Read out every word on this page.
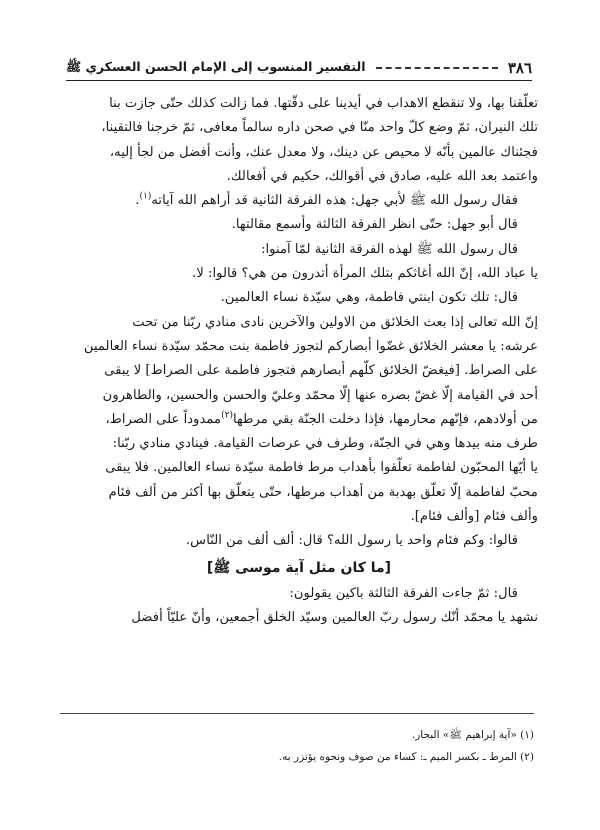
٣٨٦
التفسير المنسوب إلى الإمام الحسن العسكري ﷺ

تعلّقنا بها، ولا تنقطع الاهداب في أيدينا على دقّتها. فما زالت كذلك حتّى جازت بنا

تلك النيران، ثمّ وضع كلّ واحد منّا في صحن داره سالماً معافى، ثمّ خرجنا فالتقينا،

فجئناك عالمين بأنّه لا محيص عن دينك، ولا معدل عنك، وأنت أفضل من لجأ إليه،

واعتمد بعد الله عليه، صادق في أقوالك، حكيم في أفعالك.

فقال رسول الله ﷺ لأبي جهل: هذه الفرقة الثانية قد أراهم الله آياته$^{(١)}$.

قال أبو جهل: حتّى انظر الفرقة الثالثة وأسمع مقالتها.

قال رسول الله ﷺ لهذه الفرقة الثانية لمّا آمنوا:

يا عباد الله، إنّ الله أغاثكم بتلك المرأة أتدرون من هي؟ قالوا: لا.

قال: تلك تكون ابنتي فاطمة، وهي سيّدة نساء العالمين.

إنّ الله تعالى إذا بعث الخلائق من الاولين والآخرين نادى منادي ربّنا من تحت

عرشه: يا معشر الخلائق غضّوا أبصاركم لتجوز فاطمة بنت محمّد سيّدة نساء العالمين

على الصراط. [فيغضّ الخلائق كلّهم أبصارهم فتجوز فاطمة على الصراط] لا يبقى

أحد في القيامة إلّا غضّ بصره عنها إلّا محمّد وعليّ والحسن والحسين، والطاهرون

من أولادهم، فإنّهم محارمها، فإذا دخلت الجنّة بقي مرطها$^{(٢)}$ممدوداً على الصراط،

طرف منه بيدها وهي في الجنّة، وطرف في عرصات القيامة. فينادي منادي ربّنا:

يا أيّها المحبّون لفاطمة تعلّقوا بأهداب مرط فاطمة سيّدة نساء العالمين. فلا يبقى

محبّ لفاطمة إلّا تعلّق بهدبة من أهداب مرطها، حتّى يتعلّق بها أكثر من ألف فئام

وألف فئام [وألف فئام].

قالوا: وكم فئام واحد يا رسول الله؟ قال: ألف ألف من النّاس.

[ما كان مثل آية موسى ﷺ]

قال: ثمّ جاءت الفرقة الثالثة باكين يقولون:

نشهد يا محمّد أنّك رسول ربّ العالمين وسيّد الخلق أجمعين، وأنّ عليّاً أفضل

(١) «آية إبراهيم ﷺ» البحار.

(٢) المرط ـ بكسر الميم ـ: كساء من صوف ونحوه يؤتزر به.
